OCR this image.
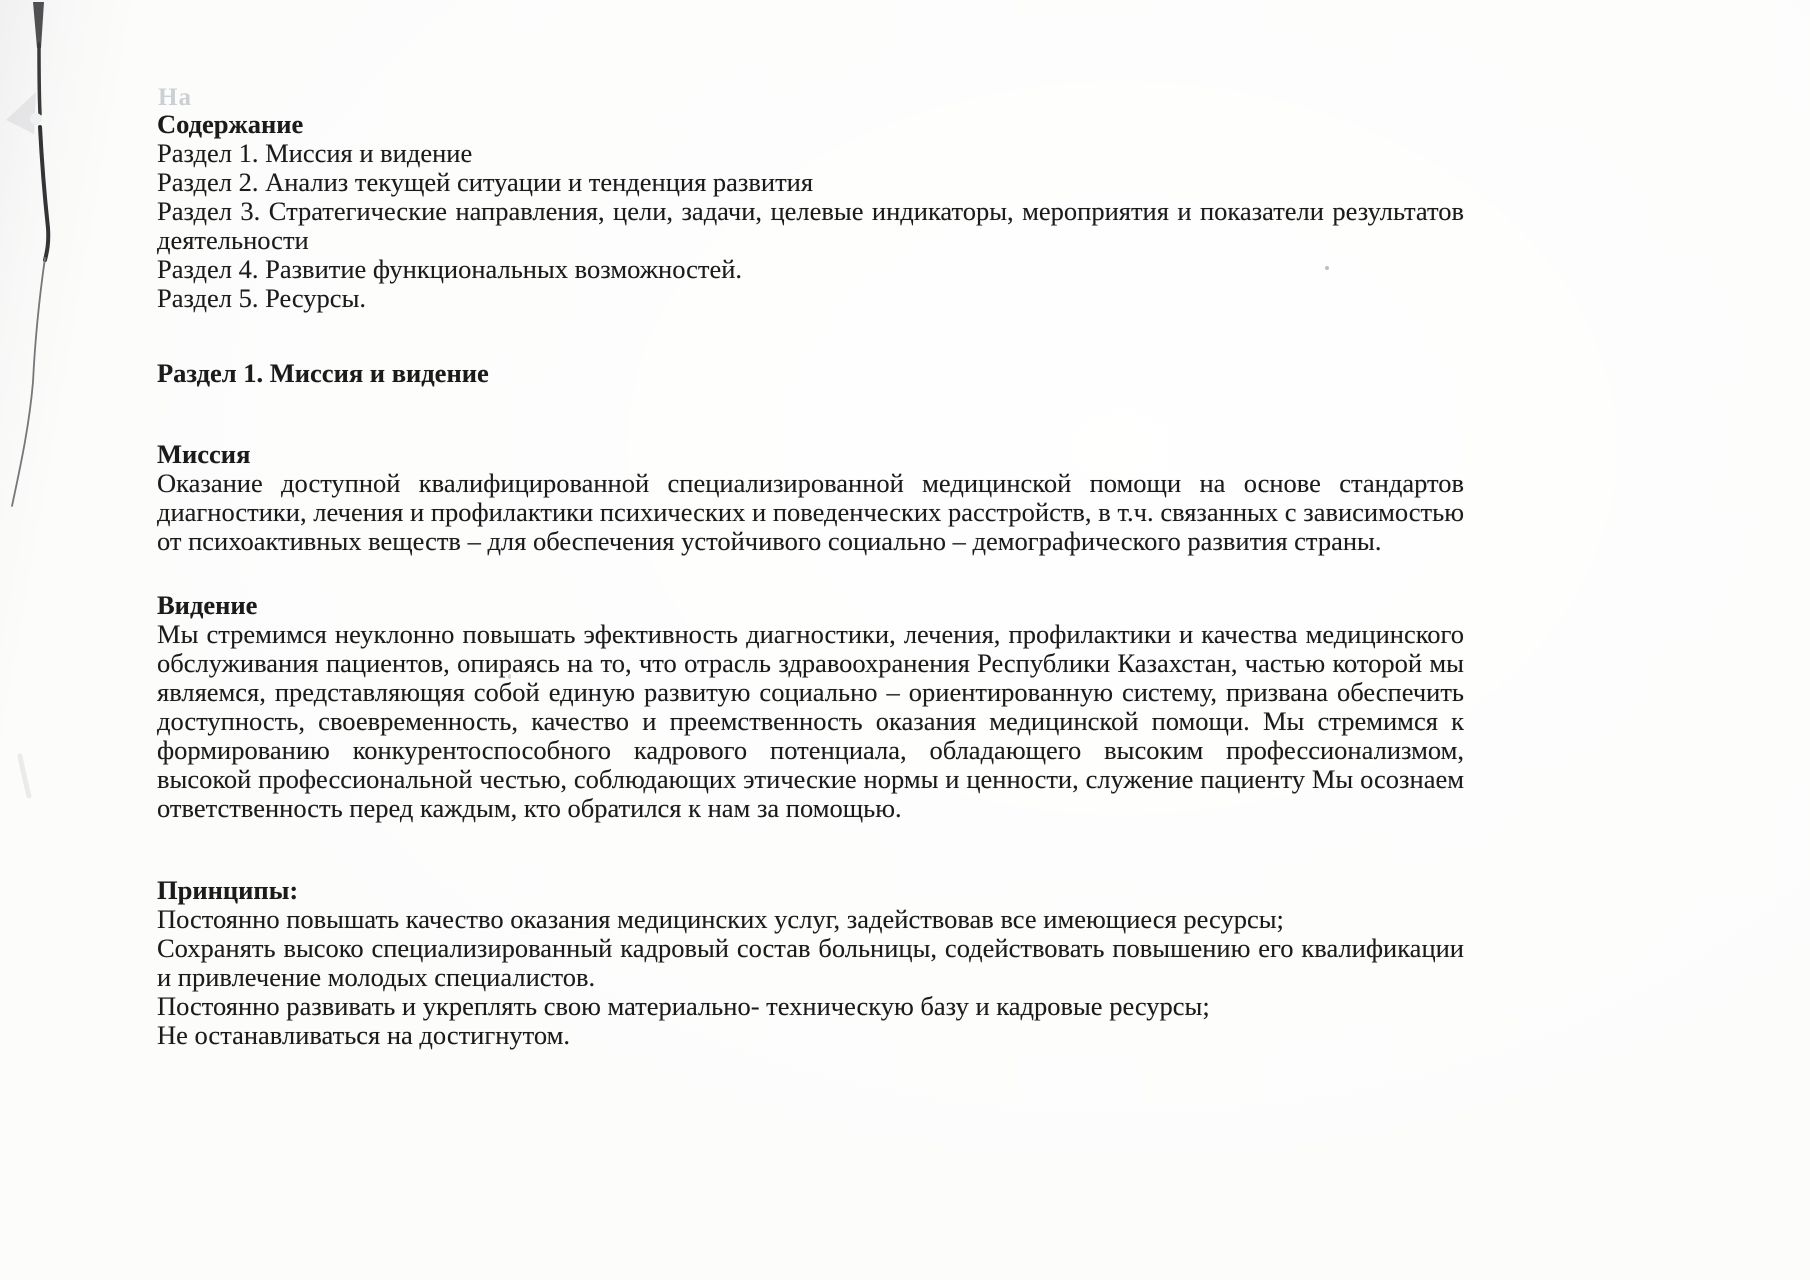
На

Содержание

Раздел 1. Миссия и видение

Раздел 2. Анализ текущей ситуации и тенденция развития

Раздел 3. Стратегические направления, цели, задачи, целевые индикаторы, мероприятия и показатели результатов деятельности

Раздел 4. Развитие функциональных возможностей.

Раздел 5. Ресурсы.

Раздел 1. Миссия и видение
Миссия

Оказание доступной квалифицированной специализированной медицинской помощи на основе стандартов диагностики, лечения и профилактики психических и поведенческих расстройств, в т.ч. связанных с зависимостью от психоактивных веществ – для обеспечения устойчивого социально – демографического развития страны.

Видение

Мы стремимся неуклонно повышать эфективность диагностики, лечения, профилактики и качества медицинского обслуживания пациентов, опираясь на то, что отрасль здравоохранения Республики Казахстан, частью которой мы являемся, представляющяя собой единую развитую социально – ориентированную систему, призвана обеспечить доступность, своевременность, качество и преемственность оказания медицинской помощи. Мы стремимся к формированию конкурентоспособного кадрового потенциала, обладающего высоким профессионализмом, высокой профессиональной честью, соблюдающих этические нормы и ценности, служение пациенту Мы осознаем ответственность перед каждым, кто обратился к нам за помощью.

Принципы:

Постоянно повышать качество оказания медицинских услуг, задействовав все имеющиеся ресурсы;

Сохранять высоко специализированный кадровый состав больницы, содействовать повышению его квалификации и привлечение молодых специалистов.

Постоянно развивать и укреплять свою материально- техническую базу и кадровые ресурсы;

Не останавливаться на достигнутом.
